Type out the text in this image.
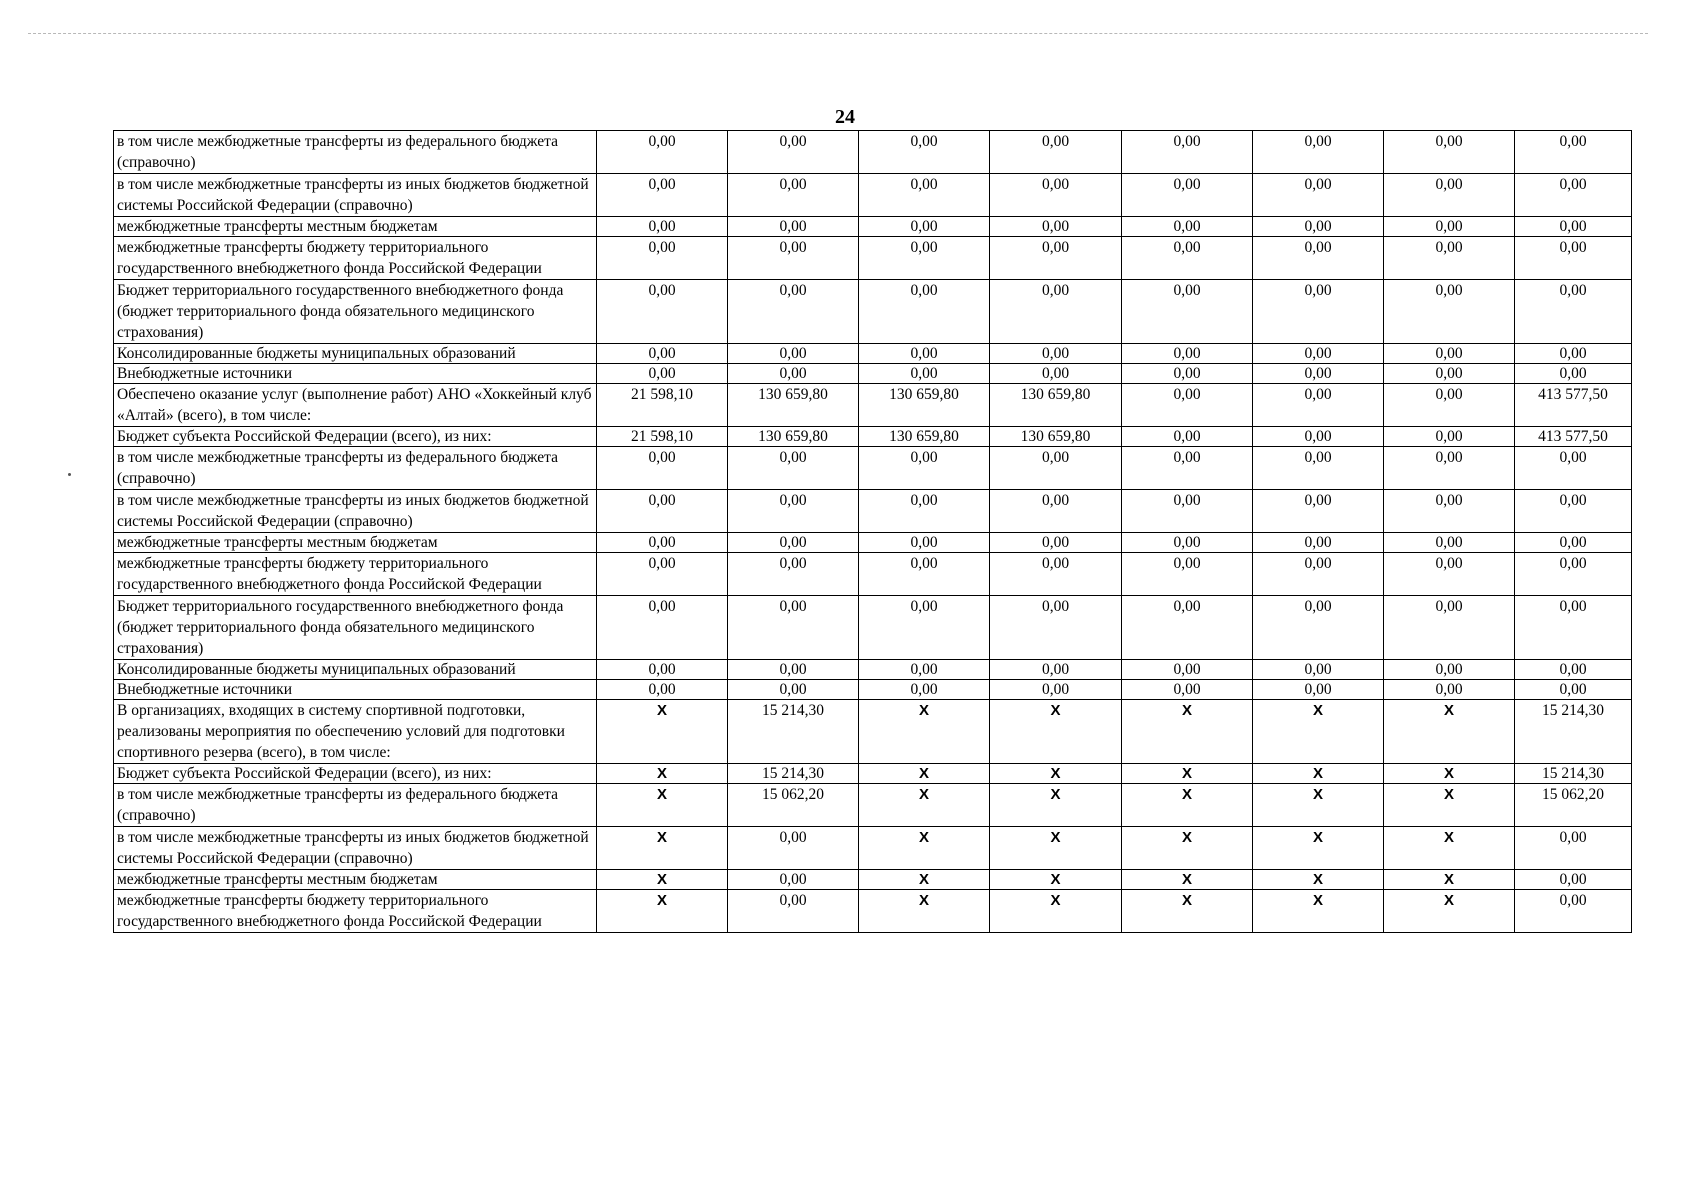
24
в том числе межбюджетные трансферты из федерального бюджета (справочно)	0,00	0,00	0,00	0,00	0,00	0,00	0,00	0,00
в том числе межбюджетные трансферты из иных бюджетов бюджетной системы Российской Федерации (справочно)	0,00	0,00	0,00	0,00	0,00	0,00	0,00	0,00
межбюджетные трансферты местным бюджетам	0,00	0,00	0,00	0,00	0,00	0,00	0,00	0,00
межбюджетные трансферты бюджету территориального государственного внебюджетного фонда Российской Федерации	0,00	0,00	0,00	0,00	0,00	0,00	0,00	0,00
Бюджет территориального государственного внебюджетного фонда (бюджет территориального фонда обязательного медицинского страхования)	0,00	0,00	0,00	0,00	0,00	0,00	0,00	0,00
Консолидированные бюджеты муниципальных образований	0,00	0,00	0,00	0,00	0,00	0,00	0,00	0,00
Внебюджетные источники	0,00	0,00	0,00	0,00	0,00	0,00	0,00	0,00
Обеспечено оказание услуг (выполнение работ) АНО «Хоккейный клуб «Алтай» (всего), в том числе:	21 598,10	130 659,80	130 659,80	130 659,80	0,00	0,00	0,00	413 577,50
Бюджет субъекта Российской Федерации (всего), из них:	21 598,10	130 659,80	130 659,80	130 659,80	0,00	0,00	0,00	413 577,50
в том числе межбюджетные трансферты из федерального бюджета (справочно)	0,00	0,00	0,00	0,00	0,00	0,00	0,00	0,00
в том числе межбюджетные трансферты из иных бюджетов бюджетной системы Российской Федерации (справочно)	0,00	0,00	0,00	0,00	0,00	0,00	0,00	0,00
межбюджетные трансферты местным бюджетам	0,00	0,00	0,00	0,00	0,00	0,00	0,00	0,00
межбюджетные трансферты бюджету территориального государственного внебюджетного фонда Российской Федерации	0,00	0,00	0,00	0,00	0,00	0,00	0,00	0,00
Бюджет территориального государственного внебюджетного фонда (бюджет территориального фонда обязательного медицинского страхования)	0,00	0,00	0,00	0,00	0,00	0,00	0,00	0,00
Консолидированные бюджеты муниципальных образований	0,00	0,00	0,00	0,00	0,00	0,00	0,00	0,00
Внебюджетные источники	0,00	0,00	0,00	0,00	0,00	0,00	0,00	0,00
В организациях, входящих в систему спортивной подготовки, реализованы мероприятия по обеспечению условий для подготовки спортивного резерва (всего), в том числе:	X	15 214,30	X	X	X	X	X	15 214,30
Бюджет субъекта Российской Федерации (всего), из них:	X	15 214,30	X	X	X	X	X	15 214,30
в том числе межбюджетные трансферты из федерального бюджета (справочно)	X	15 062,20	X	X	X	X	X	15 062,20
в том числе межбюджетные трансферты из иных бюджетов бюджетной системы Российской Федерации (справочно)	X	0,00	X	X	X	X	X	0,00
межбюджетные трансферты местным бюджетам	X	0,00	X	X	X	X	X	0,00
межбюджетные трансферты бюджету территориального государственного внебюджетного фонда Российской Федерации	X	0,00	X	X	X	X	X	0,00
